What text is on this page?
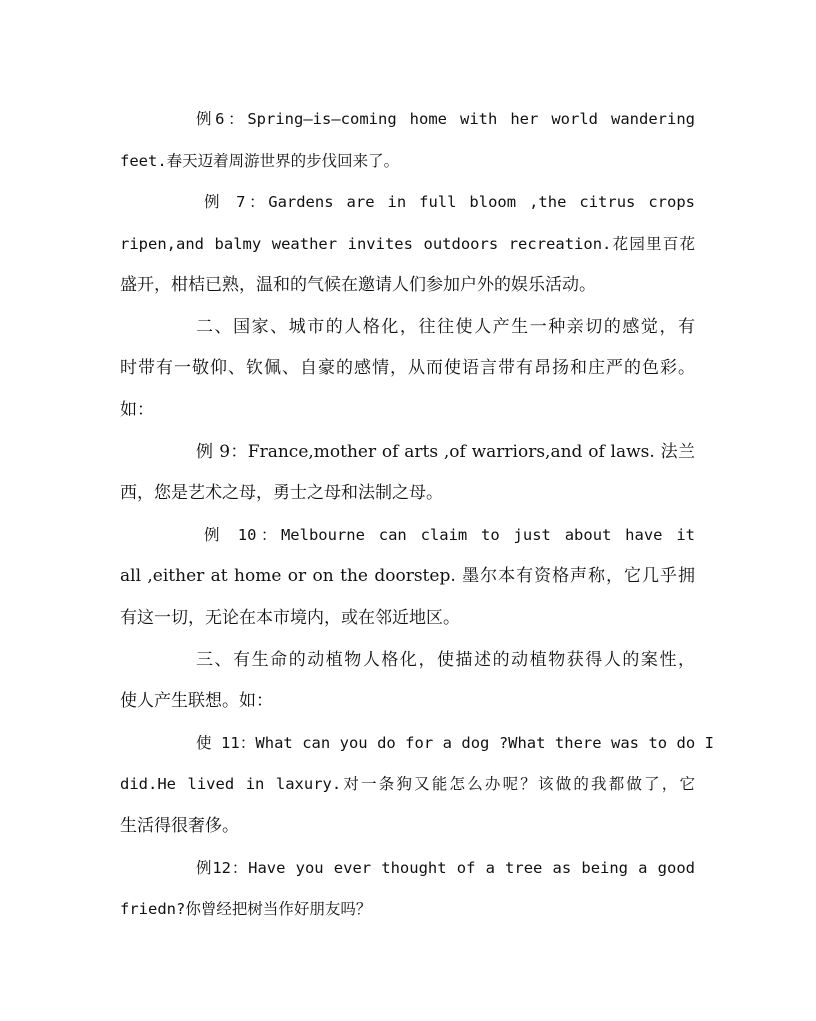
例6：Spring—is—coming home with her world wandering
feet.春天迈着周游世界的步伐回来了。
例 7：Gardens are in full bloom ,the citrus crops
ripen,and balmy weather invites outdoors recreation.花园里百花
盛开，柑桔已熟，温和的气候在邀请人们参加户外的娱乐活动。
二、国家、城市的人格化，往往使人产生一种亲切的感觉，有
时带有一敬仰、钦佩、自豪的感情，从而使语言带有昂扬和庄严的色彩。
如：
例 9：France,mother of arts ,of warriors,and of laws. 法兰
西，您是艺术之母，勇士之母和法制之母。
例 10：Melbourne can claim to just about have it
all ,either at home or on the doorstep. 墨尔本有资格声称，它几乎拥
有这一切，无论在本市境内，或在邻近地区。
三、有生命的动植物人格化，使描述的动植物获得人的案性，
使人产生联想。如：
使 11：What can you do for a dog ?What there was to do I
did.He lived in laxury.对一条狗又能怎么办呢？该做的我都做了，它
生活得很奢侈。
例12：Have you ever thought of a tree as being a good
friedn?你曾经把树当作好朋友吗？
